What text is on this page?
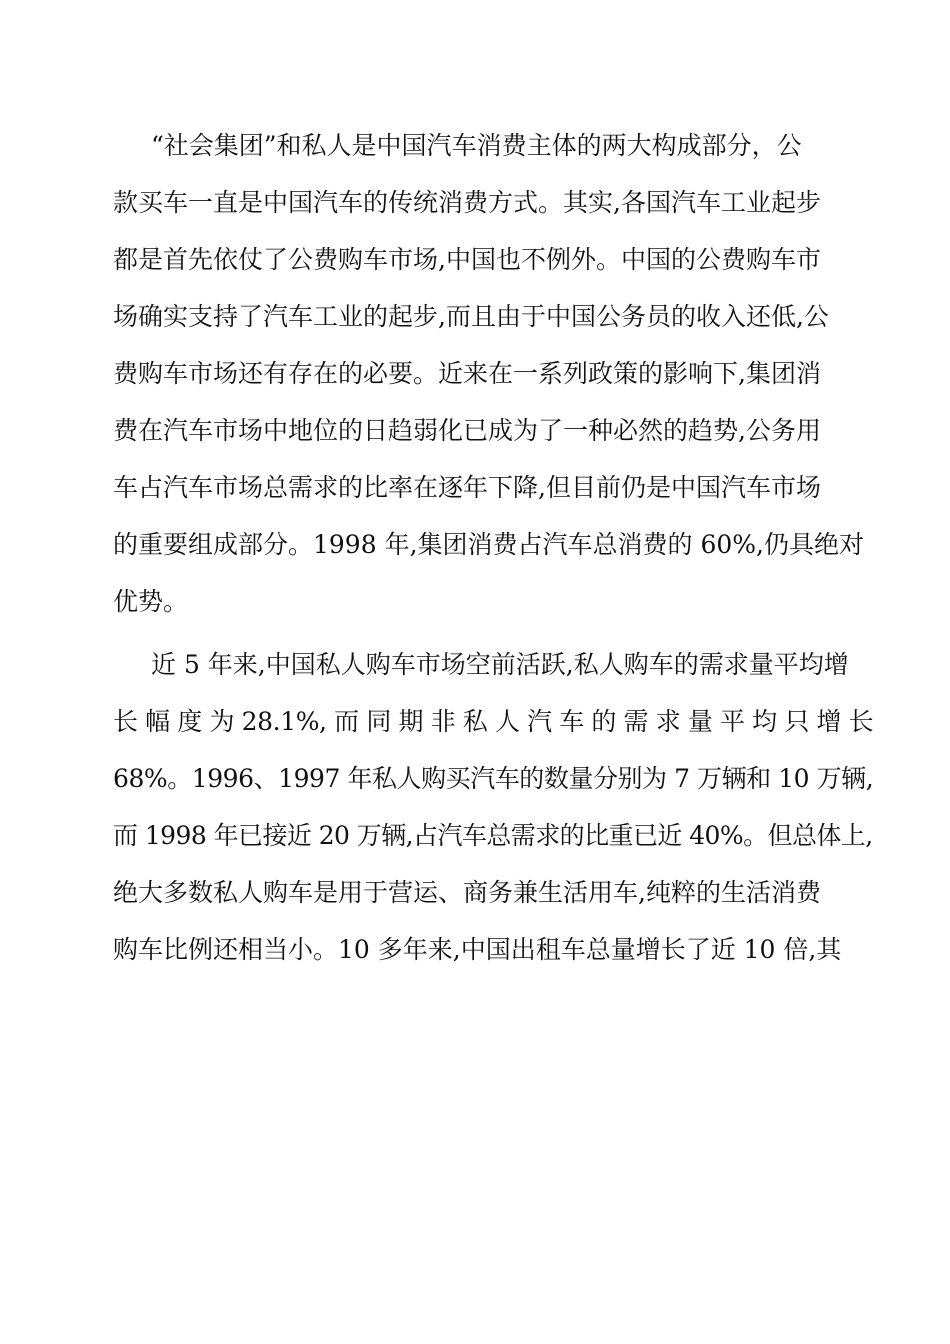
“社会集团”和私人是中国汽车消费主体的两大构成部分，公
款买车一直是中国汽车的传统消费方式。其实,各国汽车工业起步
都是首先依仗了公费购车市场,中国也不例外。中国的公费购车市
场确实支持了汽车工业的起步,而且由于中国公务员的收入还低,公
费购车市场还有存在的必要。近来在一系列政策的影响下,集团消
费在汽车市场中地位的日趋弱化已成为了一种必然的趋势,公务用
车占汽车市场总需求的比率在逐年下降,但目前仍是中国汽车市场
的重要组成部分。1998 年,集团消费占汽车总消费的 60%,仍具绝对
优势。
近 5 年来,中国私人购车市场空前活跃,私人购车的需求量平均增
长 幅 度 为 28.1%, 而 同 期 非 私 人 汽 车 的 需 求 量 平 均 只 增 长
68%。1996、1997 年私人购买汽车的数量分别为 7 万辆和 10 万辆,
而 1998 年已接近 20 万辆,占汽车总需求的比重已近 40%。但总体上,
绝大多数私人购车是用于营运、商务兼生活用车,纯粹的生活消费
购车比例还相当小。10 多年来,中国出租车总量增长了近 10 倍,其
